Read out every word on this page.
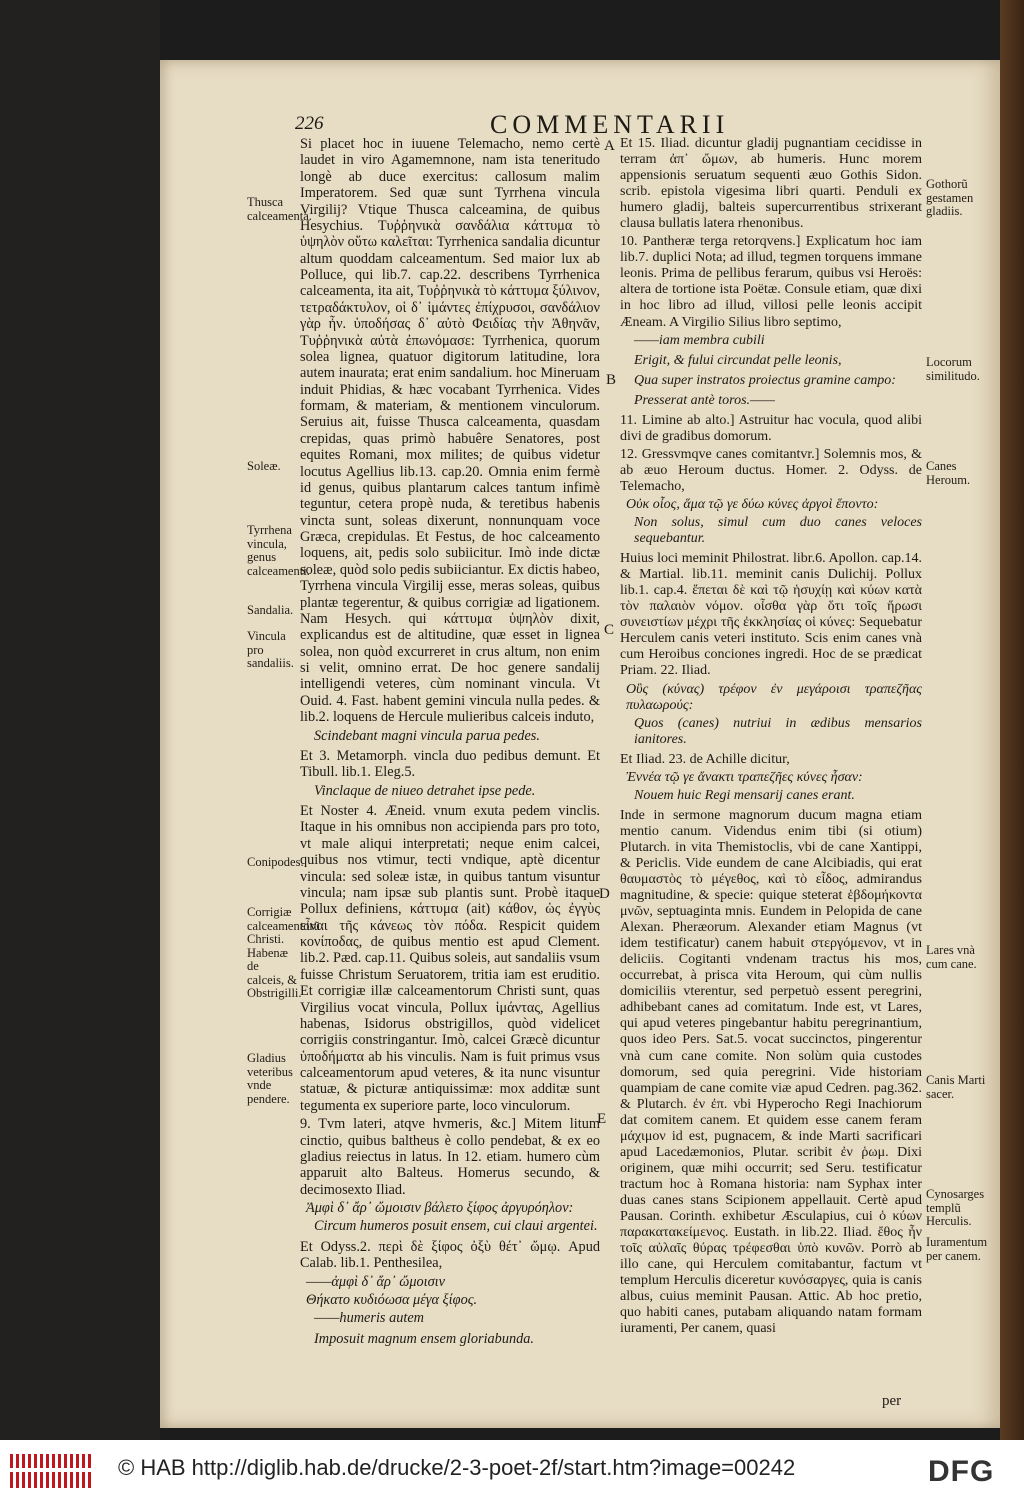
226	COMMENTARII
A
B
C
D
E

Si placet hoc in iuuene Telemacho, nemo certè laudet in viro Agamemnone, nam ista teneritudo longè ab duce exercitus: callosum malim Imperatorem. Sed quæ sunt Tyrrhena vincula Virgilij? Vtique Thusca calceamina, de quibus Hesychius. Τυῤῥηνικὰ σανδάλια κάττυμα τὸ ὑψηλὸν οὕτω καλεῖται: Tyrrhenica sandalia dicuntur altum quoddam calceamentum. Sed maior lux ab Polluce, qui lib.7. cap.22. describens Tyrrhenica calceamenta, ita ait, Τυῤῥηνικὰ τὸ κάττυμα ξύλινον, τετραδάκτυλον, οἱ δ᾽ ἱμάντες ἐπίχρυσοι, σανδάλιον γὰρ ἦν. ὑποδήσας δ᾽ αὐτὸ Φειδίας τὴν Ἀθηνᾶν, Τυῤῥηνικὰ αὐτὰ ἐπωνόμασε: Tyrrhenica, quorum solea lignea, quatuor digitorum latitudine, lora autem inaurata; erat enim sandalium. hoc Mineruam induit Phidias, & hæc vocabant Tyrrhenica. Vides formam, & materiam, & mentionem vinculorum. Seruius ait, fuisse Thusca calceamenta, quasdam crepidas, quas primò habuêre Senatores, post equites Romani, mox milites; de quibus videtur locutus Agellius lib.13. cap.20. Omnia enim fermè id genus, quibus plantarum calces tantum infimè teguntur, cetera propè nuda, & teretibus habenis vincta sunt, soleas dixerunt, nonnunquam voce Græca, crepidulas. Et Festus, de hoc calceamento loquens, ait, pedis solo subiicitur. Imò inde dictæ soleæ, quòd solo pedis subiiciantur. Ex dictis habeo, Tyrrhena vincula Virgilij esse, meras soleas, quibus plantæ tegerentur, & quibus corrigiæ ad ligationem. Nam Hesych. qui κάττυμα ὑψηλὸν dixit, explicandus est de altitudine, quæ esset in lignea solea, non quòd excurreret in crus altum, non enim si velit, omnino errat. De hoc genere sandalij intelligendi veteres, cùm nominant vincula. Vt Ouid. 4. Fast. habent gemini vincula nulla pedes. & lib.2. loquens de Hercule mulieribus calceis induto,

Scindebant magni vincula parua pedes.

Et 3. Metamorph. vincla duo pedibus demunt. Et Tibull. lib.1. Eleg.5.

Vinclaque de niueo detrahet ipse pede.

Et Noster 4. Æneid. vnum exuta pedem vinclis. Itaque in his omnibus non accipienda pars pro toto, vt male aliqui interpretati; neque enim calcei, quibus nos vtimur, tecti vndique, aptè dicentur vincula: sed soleæ istæ, in quibus tantum visuntur vincula; nam ipsæ sub plantis sunt. Probè itaque Pollux definiens, κάττυμα (ait) κάθον, ὡς ἐγγὺς εἶναι τῆς κάνεως τὸν πόδα. Respicit quidem κονίποδας, de quibus mentio est apud Clement. lib.2. Pæd. cap.11. Quibus soleis, aut sandaliis vsum fuisse Christum Seruatorem, tritia iam est eruditio. Et corrigiæ illæ calceamentorum Christi sunt, quas Virgilius vocat vincula, Pollux ἱμάντας, Agellius habenas, Isidorus obstrigillos, quòd videlicet corrigiis constringantur. Imò, calcei Græcè dicuntur ὑποδήματα ab his vinculis. Nam is fuit primus vsus calceamentorum apud veteres, & ita nunc visuntur statuæ, & picturæ antiquissimæ: mox additæ sunt tegumenta ex superiore parte, loco vinculorum.

9. Tvm lateri, atqve hvmeris, &c.] Mitem litum cinctio, quibus baltheus è collo pendebat, & ex eo gladius reiectus in latus. In 12. etiam. humero cùm apparuit alto Balteus. Homerus secundo, & decimosexto Iliad.

Ἀμφὶ δ᾽ ἄρ᾽ ὤμοισιν βάλετο ξίφος ἀργυρόηλον:

Circum humeros posuit ensem, cui claui argentei.

Et Odyss.2. περὶ δὲ ξίφος ὀξὺ θέτ᾽ ὤμῳ. Apud Calab. lib.1. Penthesilea,

——ἀμφὶ δ᾽ ἄρ᾽ ὤμοισιν

Θήκατο κυδιόωσα μέγα ξίφος.

——humeris autem

Imposuit magnum ensem gloriabunda.

Et 15. Iliad. dicuntur gladij pugnantiam cecidisse in terram ἀπ᾽ ὤμων, ab humeris. Hunc morem appensionis seruatum sequenti æuo Gothis Sidon. scrib. epistola vigesima libri quarti. Penduli ex humero gladij, balteis supercurrentibus strixerant clausa bullatis latera rhenonibus.

10. Pantheræ terga retorqvens.] Explicatum hoc iam lib.7. duplici Nota; ad illud, tegmen torquens immane leonis. Prima de pellibus ferarum, quibus vsi Heroës: altera de tortione ista Poëtæ. Consule etiam, quæ dixi in hoc libro ad illud, villosi pelle leonis accipit Æneam. A Virgilio Silius libro septimo,

——iam membra cubili

Erigit, & fului circundat pelle leonis,

Qua super instratos proiectus gramine campo:

Presserat antè toros.——

11. Limine ab alto.] Astruitur hac vocula, quod alibi divi de gradibus domorum.

12. Gressvmqve canes comitantvr.] Solemnis mos, & ab æuo Heroum ductus. Homer. 2. Odyss. de Telemacho,

Οὐκ οἶος, ἅμα τῷ γε δύω κύνες ἀργοὶ ἕποντο:

Non solus, simul cum duo canes veloces sequebantur.

Huius loci meminit Philostrat. libr.6. Apollon. cap.14. & Martial. lib.11. meminit canis Dulichij. Pollux lib.1. cap.4. ἔπεται δὲ καὶ τῷ ἡσυχίῃ καὶ κύων κατὰ τὸν παλαιὸν νόμον. οἶσθα γὰρ ὅτι τοῖς ἥρωσι συνειστίων μέχρι τῆς ἐκκλησίας οἱ κύνες: Sequebatur Herculem canis veteri instituto. Scis enim canes vnà cum Heroibus conciones ingredi. Hoc de se prædicat Priam. 22. Iliad.

Οὓς (κύνας) τρέφον ἐν μεγάροισι τραπεζῆας πυλαωρούς:

Quos (canes) nutriui in ædibus mensarios ianitores.

Et Iliad. 23. de Achille dicitur,

Ἐννέα τῷ γε ἄνακτι τραπεζῆες κύνες ἦσαν:

Nouem huic Regi mensarij canes erant.

Inde in sermone magnorum ducum magna etiam mentio canum. Videndus enim tibi (si otium) Plutarch. in vita Themistoclis, vbi de cane Xantippi, & Periclis. Vide eundem de cane Alcibiadis, qui erat θαυμαστὸς τὸ μέγεθος, καὶ τὸ εἶδος, admirandus magnitudine, & specie: quique steterat ἑβδομήκοντα μνῶν, septuaginta mnis. Eundem in Pelopida de cane Alexan. Pheræorum. Alexander etiam Magnus (vt idem testificatur) canem habuit στεργόμενον, vt in deliciis. Cogitanti vndenam tractus his mos, occurrebat, à prisca vita Heroum, qui cùm nullis domiciliis vterentur, sed perpetuò essent peregrini, adhibebant canes ad comitatum. Inde est, vt Lares, qui apud veteres pingebantur habitu peregrinantium, quos ideo Pers. Sat.5. vocat succinctos, pingerentur vnà cum cane comite. Non solùm quia custodes domorum, sed quia peregrini. Vide historiam quampiam de cane comite viæ apud Cedren. pag.362. & Plutarch. ἐν ἐπ. vbi Hyperocho Regi Inachiorum dat comitem canem. Et quidem esse canem feram μάχιμον id est, pugnacem, & inde Marti sacrificari apud Lacedæmonios, Plutar. scribit ἐν ῥωμ. Dixi originem, quæ mihi occurrit; sed Seru. testificatur tractum hoc à Romana historia: nam Syphax inter duas canes stans Scipionem appellauit. Certè apud Pausan. Corinth. exhibetur Æsculapius, cui ὁ κύων παρακατακείμενος. Eustath. in lib.22. Iliad. ἔθος ἦν τοῖς αὐλαῖς θύρας τρέφεσθαι ὑπὸ κυνῶν. Porrò ab illo cane, qui Herculem comitabantur, factum vt templum Herculis diceretur κυνόσαργες, quia is canis albus, cuius meminit Pausan. Attic. Ab hoc pretio, quo habiti canes, putabam aliquando natam formam iuramenti, Per canem, quasi

per
Thusca calceamenta.
Soleæ.
Tyrrhena vincula, genus calceamenti.
Sandalia.
Vincula pro sandaliis.
Conipodes.
Corrigiæ calceamentorũ Christi. Habenæ de calceis, & Obstrigilli.
Gladius veteribus vnde pendere.
Gothorũ gestamen gladiis.
Locorum similitudo.
Canes Heroum.
Lares vnà cum cane.
Canis Marti sacer.
Cynosarges templũ Herculis.
Iuramentum per canem.
© HAB http://diglib.hab.de/drucke/2-3-poet-2f/start.htm?image=00242	DFG
